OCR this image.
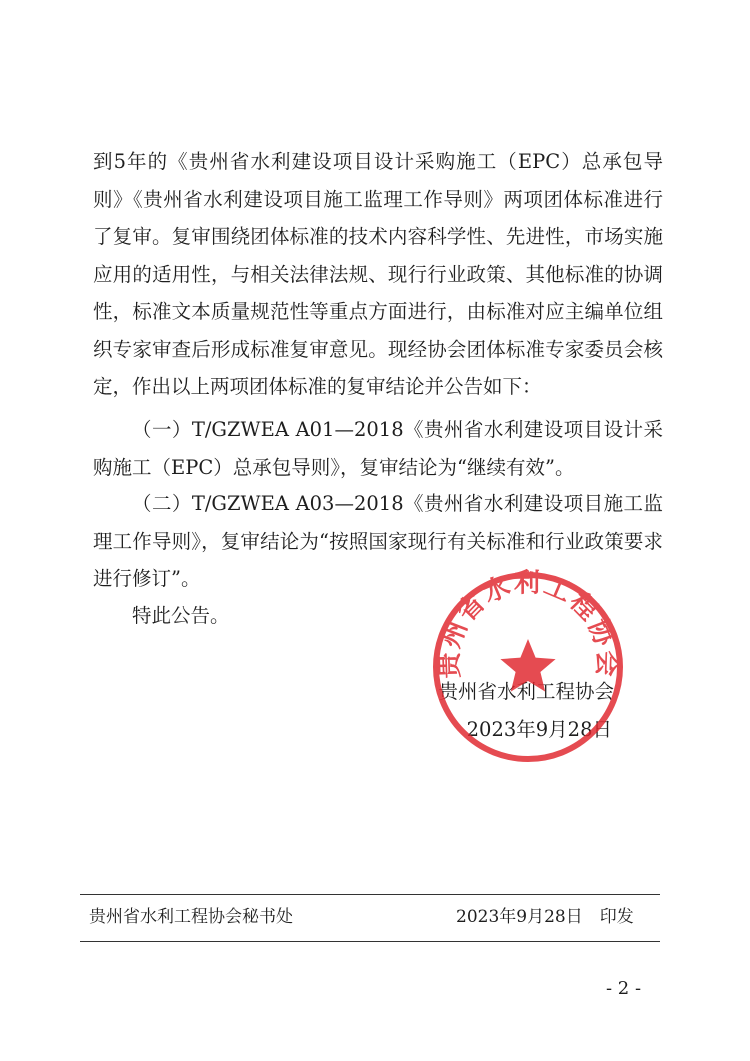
到5年的《贵州省水利建设项目设计采购施工（EPC）总承包导则》《贵州省水利建设项目施工监理工作导则》两项团体标准进行了复审。复审围绕团体标准的技术内容科学性、先进性，市场实施应用的适用性，与相关法律法规、现行行业政策、其他标准的协调性，标准文本质量规范性等重点方面进行，由标准对应主编单位组织专家审查后形成标准复审意见。现经协会团体标准专家委员会核定，作出以上两项团体标准的复审结论并公告如下：

（一）T/GZWEA A01—2018《贵州省水利建设项目设计采购施工（EPC）总承包导则》，复审结论为“继续有效”。

（二）T/GZWEA A03—2018《贵州省水利建设项目施工监理工作导则》，复审结论为“按照国家现行有关标准和行业政策要求进行修订”。

特此公告。

贵州省水利工程协会
2023年9月28日
贵州省水利工程协会
贵州省水利工程协会秘书处	2023年9月28日　印发
- 2 -
